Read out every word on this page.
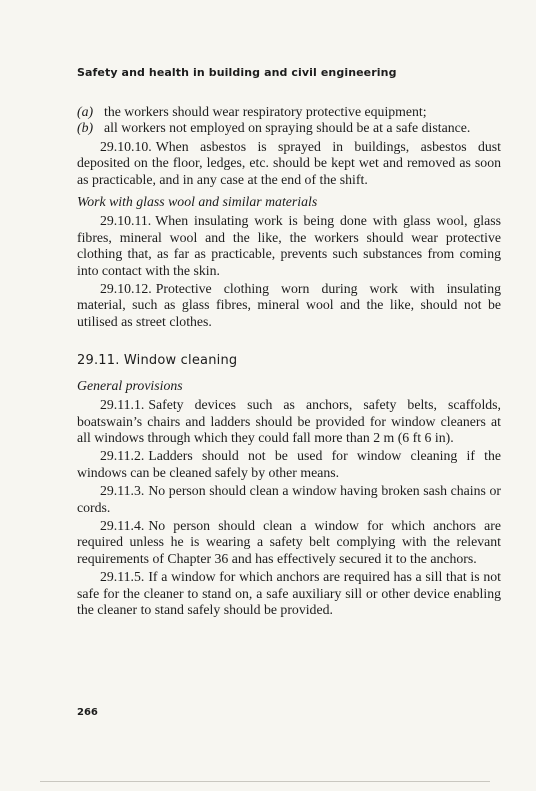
Safety and health in building and civil engineering
(a) the workers should wear respiratory protective equipment;
(b) all workers not employed on spraying should be at a safe distance.

29.10.10. When asbestos is sprayed in buildings, asbestos dust deposited on the floor, ledges, etc. should be kept wet and removed as soon as practicable, and in any case at the end of the shift.

Work with glass wool and similar materials

29.10.11. When insulating work is being done with glass wool, glass fibres, mineral wool and the like, the workers should wear protective clothing that, as far as practicable, prevents such substances from coming into contact with the skin.

29.10.12. Protective clothing worn during work with insulating material, such as glass fibres, mineral wool and the like, should not be utilised as street clothes.

29.11. Window cleaning
General provisions

29.11.1. Safety devices such as anchors, safety belts, scaffolds, boatswain’s chairs and ladders should be provided for window cleaners at all windows through which they could fall more than 2 m (6 ft 6 in).

29.11.2. Ladders should not be used for window cleaning if the windows can be cleaned safely by other means.

29.11.3. No person should clean a window having broken sash chains or cords.

29.11.4. No person should clean a window for which anchors are required unless he is wearing a safety belt complying with the relevant requirements of Chapter 36 and has effectively secured it to the anchors.

29.11.5. If a window for which anchors are required has a sill that is not safe for the cleaner to stand on, a safe auxiliary sill or other device enabling the cleaner to stand safely should be provided.

266
